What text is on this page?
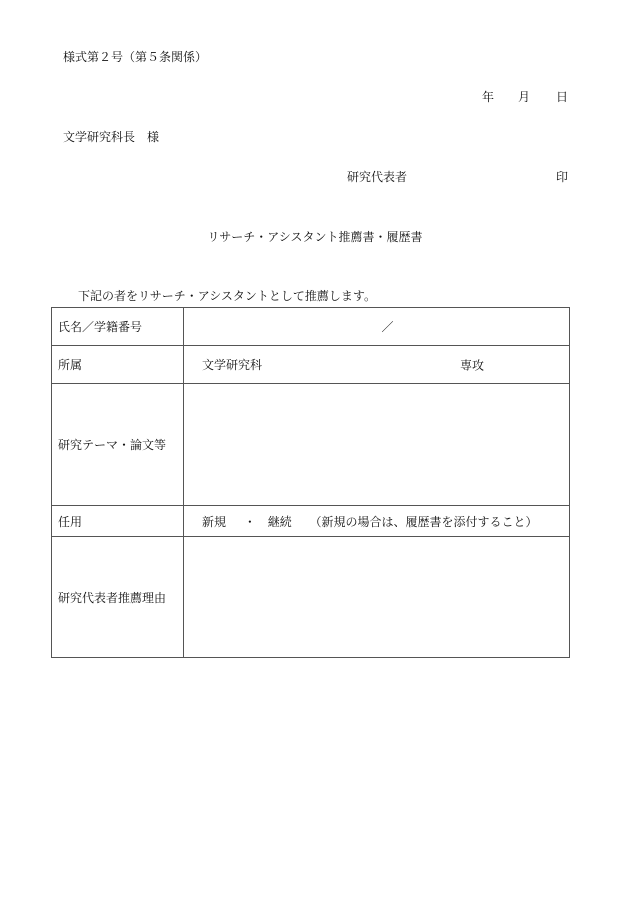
様式第２号（第５条関係）
年 月 日
文学研究科長　様
研究代表者	印
リサーチ・アシスタント推薦書・履歴書
下記の者をリサーチ・アシスタントとして推薦します。
氏名／学籍番号	／
所属	文学研究科 専攻

研究テーマ・論文等	
任用	新規 ・ 継続 （新規の場合は、履歴書を添付すること）
研究代表者推薦理由	
